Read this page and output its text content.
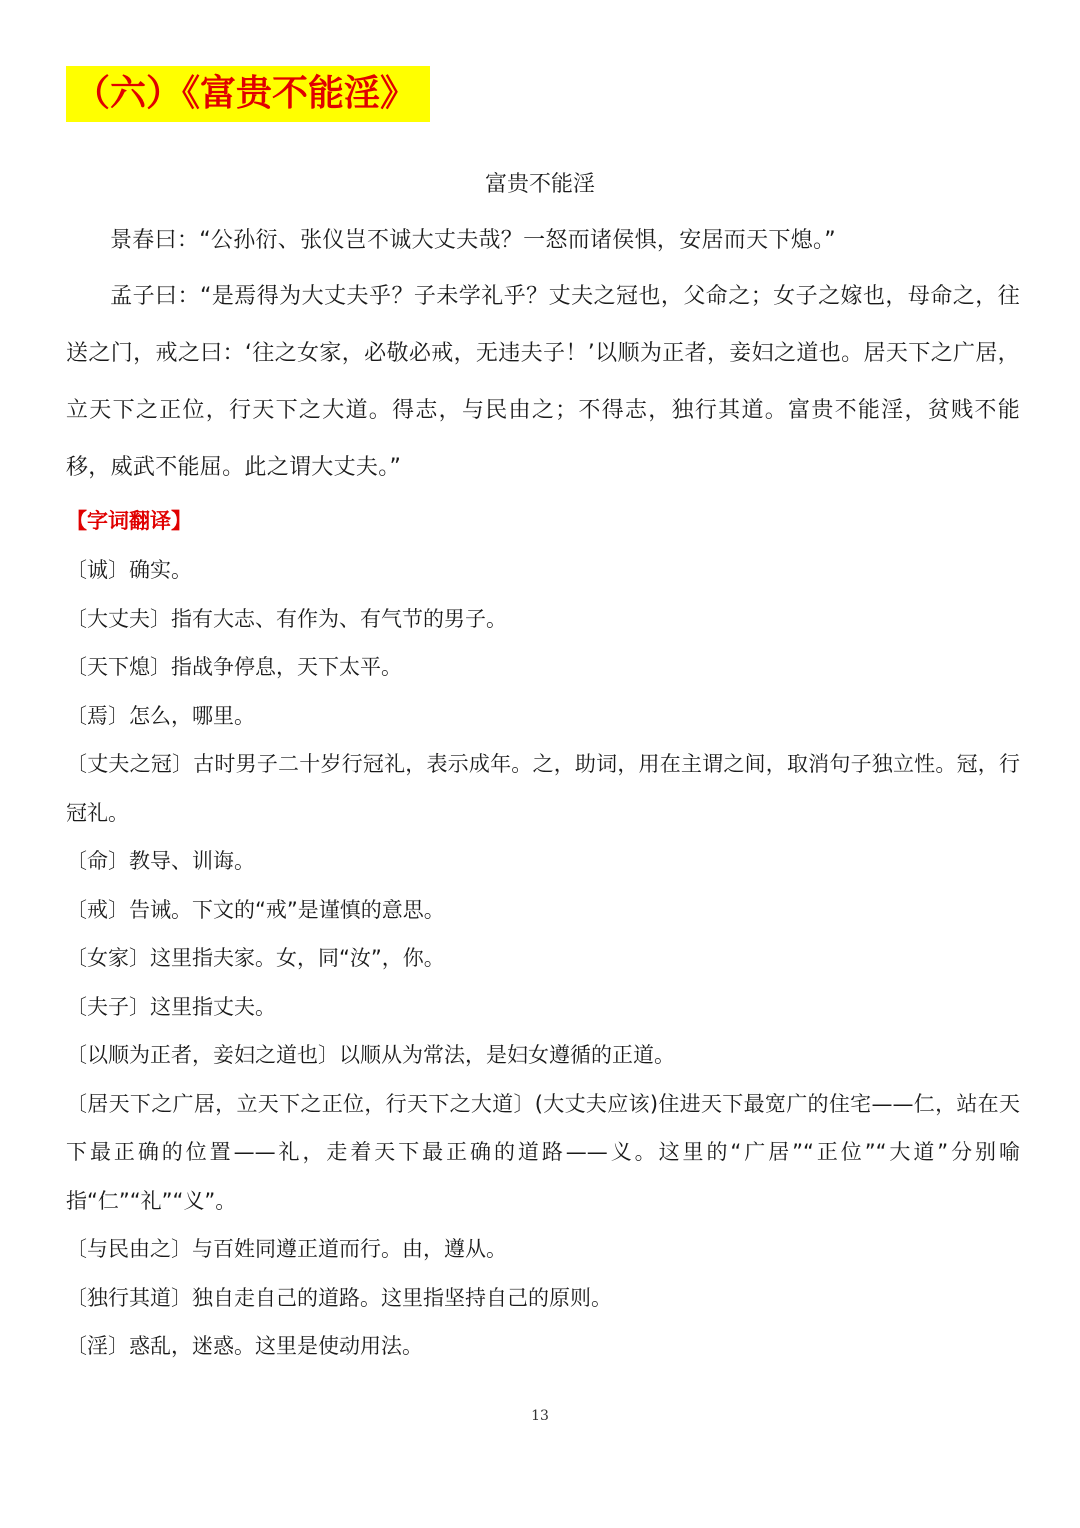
（六）《富贵不能淫》
富贵不能淫

景春曰：“公孙衍、张仪岂不诚大丈夫哉？一怒而诸侯惧，安居而天下熄。”

孟子曰：“是焉得为大丈夫乎？子未学礼乎？丈夫之冠也，父命之；女子之嫁也，母命之，往送之门，戒之曰：‘往之女家，必敬必戒，无违夫子！’以顺为正者，妾妇之道也。居天下之广居，立天下之正位，行天下之大道。得志，与民由之；不得志，独行其道。富贵不能淫，贫贱不能移，威武不能屈。此之谓大丈夫。”

【字词翻译】

〔诚〕确实。

〔大丈夫〕指有大志、有作为、有气节的男子。

〔天下熄〕指战争停息，天下太平。

〔焉〕怎么，哪里。

〔丈夫之冠〕古时男子二十岁行冠礼，表示成年。之，助词，用在主谓之间，取消句子独立性。冠，行冠礼。

〔命〕教导、训诲。

〔戒〕告诫。下文的“戒”是谨慎的意思。

〔女家〕这里指夫家。女，同“汝”，你。

〔夫子〕这里指丈夫。

〔以顺为正者，妾妇之道也〕以顺从为常法，是妇女遵循的正道。

〔居天下之广居，立天下之正位，行天下之大道〕(大丈夫应该)住进天下最宽广的住宅——仁，站在天下最正确的位置——礼，走着天下最正确的道路——义。这里的“广居”“正位”“大道”分别喻指“仁”“礼”“义”。

〔与民由之〕与百姓同遵正道而行。由，遵从。

〔独行其道〕独自走自己的道路。这里指坚持自己的原则。

〔淫〕惑乱，迷惑。这里是使动用法。

13
